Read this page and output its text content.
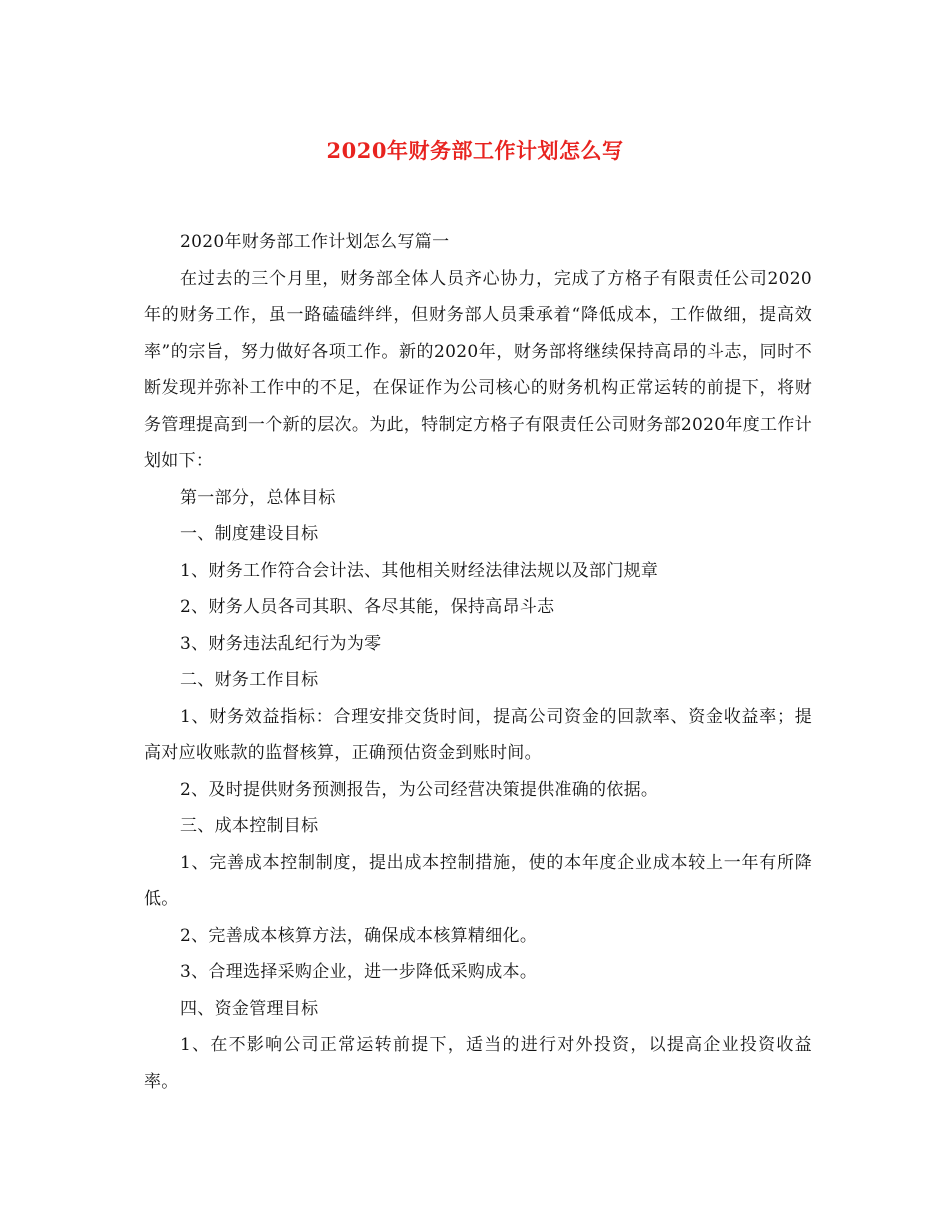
2020年财务部工作计划怎么写

2020年财务部工作计划怎么写篇一

在过去的三个月里，财务部全体人员齐心协力，完成了方格子有限责任公司2020年的财务工作，虽一路磕磕绊绊，但财务部人员秉承着“降低成本，工作做细，提高效率”的宗旨，努力做好各项工作。新的2020年，财务部将继续保持高昂的斗志，同时不断发现并弥补工作中的不足，在保证作为公司核心的财务机构正常运转的前提下，将财务管理提高到一个新的层次。为此，特制定方格子有限责任公司财务部2020年度工作计划如下：

第一部分，总体目标

一、制度建设目标

1、财务工作符合会计法、其他相关财经法律法规以及部门规章

2、财务人员各司其职、各尽其能，保持高昂斗志

3、财务违法乱纪行为为零

二、财务工作目标

1、财务效益指标：合理安排交货时间，提高公司资金的回款率、资金收益率；提高对应收账款的监督核算，正确预估资金到账时间。

2、及时提供财务预测报告，为公司经营决策提供准确的依据。

三、成本控制目标

1、完善成本控制制度，提出成本控制措施，使的本年度企业成本较上一年有所降低。

2、完善成本核算方法，确保成本核算精细化。

3、合理选择采购企业，进一步降低采购成本。

四、资金管理目标

1、在不影响公司正常运转前提下，适当的进行对外投资，以提高企业投资收益率。
